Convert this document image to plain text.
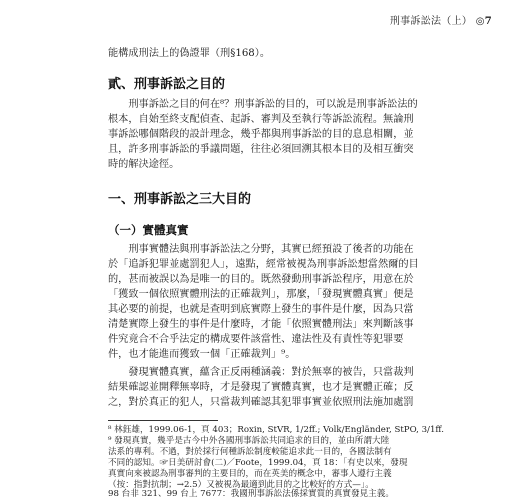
刑事訴訟法（上） ◎7
能構成刑法上的偽證罪（刑§168）。
貳、刑事訴訟之目的
　　刑事訴訟之目的何在⁸？刑事訴訟的目的，可以說是刑事訴訟法的
根本，自始至終支配偵查、起訴、審判及至執行等訴訟流程。無論刑
事訴訟哪個階段的設計理念，幾乎都與刑事訴訟的目的息息相關，並
且，許多刑事訴訟的爭議問題，往往必須回溯其根本目的及相互衝突
時的解決途徑。
一、刑事訴訟之三大目的
（一）實體真實
　　刑事實體法與刑事訴訟法之分野，其實已經預設了後者的功能在
於「追訴犯罪並處罰犯人」，遠點，經常被視為刑事訴訟想當然爾的目
的，甚而被誤以為是唯一的目的。既然發動刑事訴訟程序，用意在於
「獲致一個依照實體刑法的正確裁判」，那麼，「發現實體真實」便是
其必要的前提，也就是查明到底實際上發生的事件是什麼，因為只當
清楚實際上發生的事件是什麼時，才能「依照實體刑法」來判斷該事
件究竟合不合乎法定的構成要件該當性、違法性及有責性等犯罪要
件，也才能進而獲致一個「正確裁判」⁹。
　　發現實體真實，蘊含正反兩種涵義：對於無辜的被告，只當裁判
結果確認並開釋無辜時，才是發現了實體真實，也才是實體正確；反
之，對於真正的犯人，只當裁判確認其犯罪事實並依照刑法施加處罰
⁸ 林鈺雄，1999.06-1，頁 403；Roxin, StVR, 1/2ff.; Volk/Engländer, StPO, 3/1ff.
⁹ 發現真實，幾乎是古今中外各國刑事訴訟共同追求的目的，並由所謂大陸
法系的專利。不過，對於採行何種訴訟制度較能追求此一目的，各國法制有
不同的認知。☞日美研討會(二)／Foote，1999.04，頁 18：「有史以來，發現
真實向來被認為刑事審判的主要目的，而在英美的概念中，審事人遵行主義
（按：指對抗制；→2.5）又被視為最適到此目的之比較好的方式—」。
98 台非 321、99 台上 7677：我國刑事訴訟法係採實質的真實發見主義。
